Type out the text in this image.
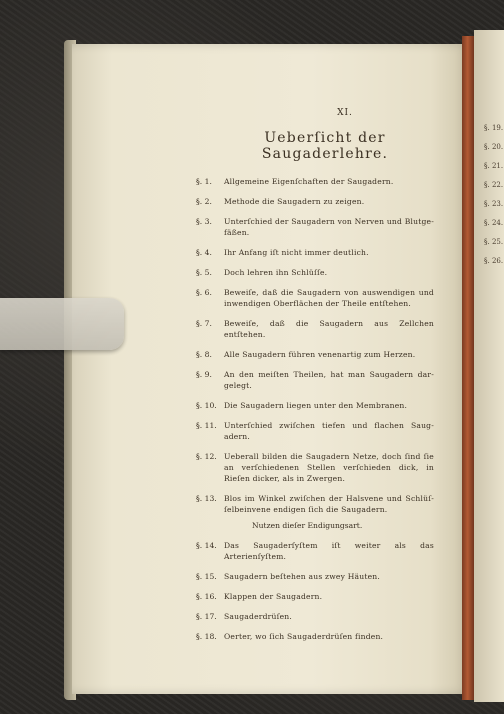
XI.
Ueberſicht der Saugaderlehre.
§. 1.	Allgemeine Eigenſchaften der Saugadern.
§. 2.	Methode die Saugadern zu zeigen.
§. 3.	Unterſchied der Saugadern von Nerven und Blutge- fäßen.
§. 4.	Ihr Anfang iſt nicht immer deutlich.
§. 5.	Doch lehren ihn Schlüſſe.
§. 6.	Beweiſe, daß die Saugadern von auswendigen und inwendigen Oberflächen der Theile entſtehen.
§. 7.	Beweiſe, daß die Saugadern aus Zellchen entſtehen.
§. 8.	Alle Saugadern führen venenartig zum Herzen.
§. 9.	An den meiſten Theilen, hat man Saugadern dar- gelegt.
§. 10. Die Saugadern liegen unter den Membranen.
§. 11. Unterſchied zwiſchen tiefen und flachen Saug- adern.
§. 12. Ueberall bilden die Saugadern Netze, doch ſind ſie an verſchiedenen Stellen verſchieden dick, in Rieſen dicker, als in Zwergen.
§. 13. Blos im Winkel zwiſchen der Halsvene und Schlüſ- ſelbeinvene endigen ſich die Saugadern.
Nutzen dieſer Endigungsart.
§. 14. Das Saugaderſyſtem iſt weiter als das Arterienſyſtem.
§. 15. Saugadern beſtehen aus zwey Häuten.
§. 16. Klappen der Saugadern.
§. 17. Saugaderdrüſen.
§. 18. Oerter, wo ſich Saugaderdrüſen finden.
§. 19.
§. 20.
§. 21.
§. 22.
§. 23.
§. 24.
§. 25.
§. 26.
